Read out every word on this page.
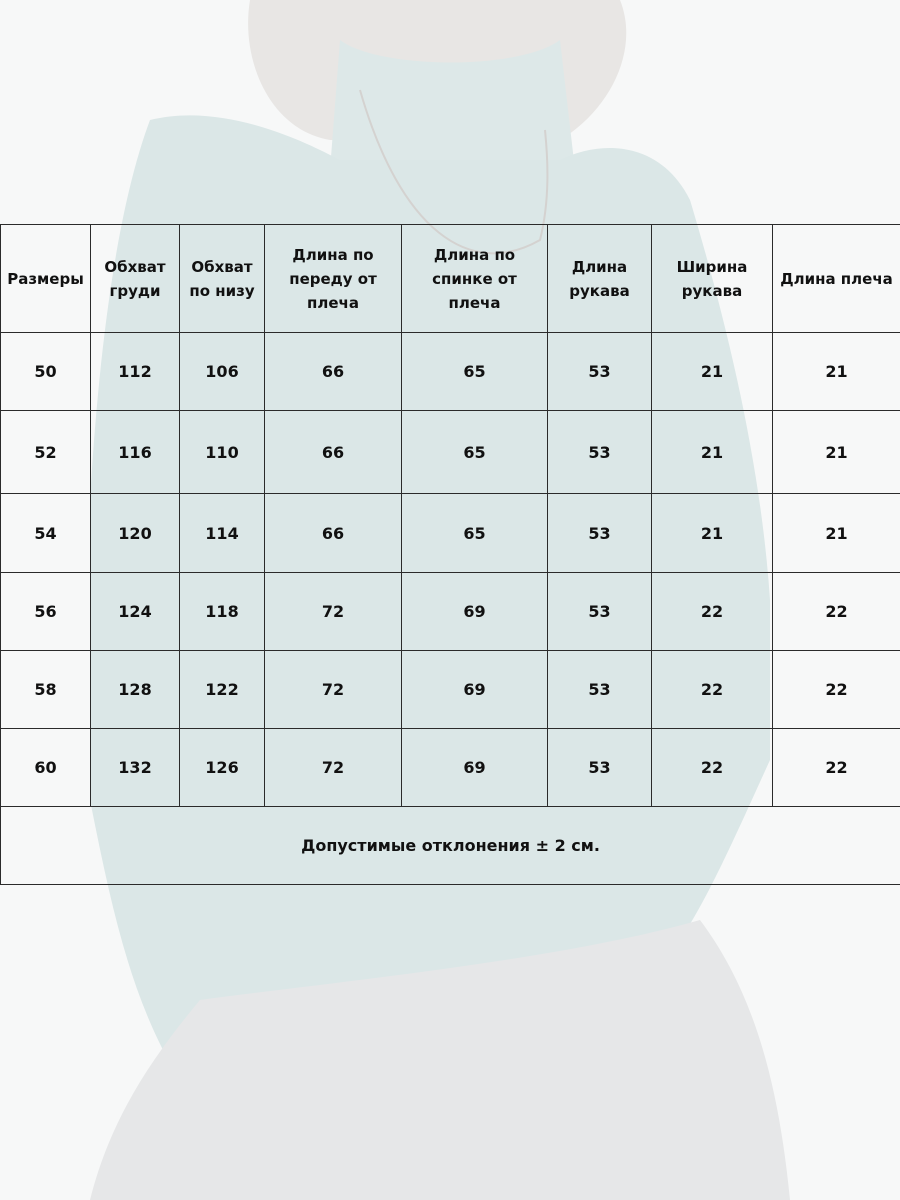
Размеры	Обхват груди	Обхват по низу	Длина по переду от плеча	Длина по спинке от плеча	Длина рукава	Ширина рукава	Длина плеча
50	112	106	66	65	53	21	21
52	116	110	66	65	53	21	21
54	120	114	66	65	53	21	21
56	124	118	72	69	53	22	22
58	128	122	72	69	53	22	22
60	132	126	72	69	53	22	22
Допустимые отклонения ± 2 см.							
